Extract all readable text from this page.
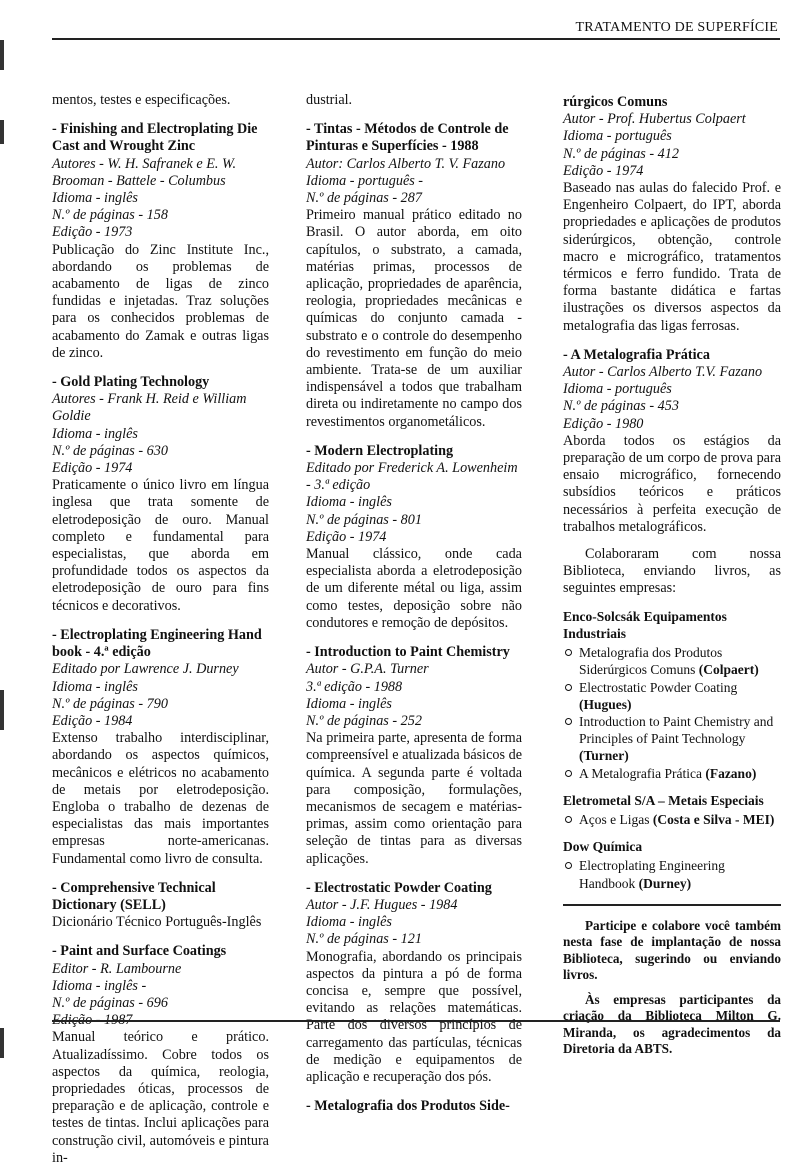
TRATAMENTO DE SUPERFÍCIE

mentos, testes e especificações.

- Finishing and Electroplating Die Cast and Wrought Zinc

Autores - W. H. Safranek e E. W. Brooman - Battele - Columbus

Idioma - inglês

N.º de páginas - 158

Edição - 1973

Publicação do Zinc Institute Inc., abordando os problemas de acabamento de ligas de zinco fundidas e injetadas. Traz soluções para os conhecidos problemas de acabamento do Zamak e outras ligas de zinco.

- Gold Plating Technology

Autores - Frank H. Reid e William Goldie

Idioma - inglês

N.º de páginas - 630

Edição - 1974

Praticamente o único livro em língua inglesa que trata somente de eletrodeposição de ouro. Manual completo e fundamental para especialistas, que aborda em profundidade todos os aspectos da eletrodeposição de ouro para fins técnicos e decorativos.

- Electroplating Engineering Hand book - 4.ª edição

Editado por Lawrence J. Durney

Idioma - inglês

N.º de páginas - 790

Edição - 1984

Extenso trabalho interdisciplinar, abordando os aspectos químicos, mecânicos e elétricos no acabamento de metais por eletrodeposição. Engloba o trabalho de dezenas de especialistas das mais importantes empresas norte-americanas. Fundamental como livro de consulta.

- Comprehensive Technical Dictionary (SELL)

Dicionário Técnico Português-Inglês

- Paint and Surface Coatings

Editor - R. Lambourne

Idioma - inglês -

N.º de páginas - 696

Edição - 1987

Manual teórico e prático. Atualizadíssimo. Cobre todos os aspectos da química, reologia, propriedades óticas, processos de preparação e de aplicação, controle e testes de tintas. Inclui aplicações para construção civil, automóveis e pintura in-

dustrial.

- Tintas - Métodos de Controle de Pinturas e Superfícies - 1988

Autor: Carlos Alberto T. V. Fazano

Idioma - português -

N.º de páginas - 287

Primeiro manual prático editado no Brasil. O autor aborda, em oito capítulos, o substrato, a camada, matérias primas, processos de aplicação, propriedades de aparência, reologia, propriedades mecânicas e químicas do conjunto camada - substrato e o controle do desempenho do revestimento em função do meio ambiente. Trata-se de um auxiliar indispensável a todos que trabalham direta ou indiretamente no campo dos revestimentos organometálicos.

- Modern Electroplating

Editado por Frederick A. Lowenheim - 3.ª edição

Idioma - inglês

N.º de páginas - 801

Edição - 1974

Manual clássico, onde cada especialista aborda a eletrodeposição de um diferente métal ou liga, assim como testes, deposição sobre não condutores e remoção de depósitos.

- Introduction to Paint Chemistry

Autor - G.P.A. Turner

3.ª edição - 1988

Idioma - inglês

N.º de páginas - 252

Na primeira parte, apresenta de forma compreensível e atualizada básicos de química. A segunda parte é voltada para composição, formulações, mecanismos de secagem e matérias-primas, assim como orientação para seleção de tintas para as diversas aplicações.

- Electrostatic Powder Coating

Autor - J.F. Hugues - 1984

Idioma - inglês

N.º de páginas - 121

Monografia, abordando os principais aspectos da pintura a pó de forma concisa e, sempre que possível, evitando as relações matemáticas. Parte dos diversos princípios de carregamento das partículas, técnicas de medição e equipamentos de aplicação e recuperação dos pós.

- Metalografia dos Produtos Side-

rúrgicos Comuns

Autor - Prof. Hubertus Colpaert

Idioma - português

N.º de páginas - 412

Edição - 1974

Baseado nas aulas do falecido Prof. e Engenheiro Colpaert, do IPT, aborda propriedades e aplicações de produtos siderúrgicos, obtenção, controle macro e micrográfico, tratamentos térmicos e ferro fundido. Trata de forma bastante didática e fartas ilustrações os diversos aspectos da metalografia das ligas ferrosas.

- A Metalografia Prática

Autor - Carlos Alberto T.V. Fazano

Idioma - português

N.º de páginas - 453

Edição - 1980

Aborda todos os estágios da preparação de um corpo de prova para ensaio micrográfico, fornecendo subsídios teóricos e práticos necessários à perfeita execução de trabalhos metalográficos.

Colaboraram com nossa Biblioteca, enviando livros, as seguintes empresas:

Enco-Solcsák Equipamentos Industriais

Metalografia dos Produtos Siderúrgicos Comuns (Colpaert)
Electrostatic Powder Coating (Hugues)
Introduction to Paint Chemistry and Principles of Paint Technology (Turner)
A Metalografia Prática (Fazano)

Eletrometal S/A – Metais Especiais

Aços e Ligas (Costa e Silva - MEI)

Dow Química

Electroplating Engineering Handbook (Durney)

Participe e colabore você também nesta fase de implantação de nossa Biblioteca, sugerindo ou enviando livros.

Às empresas participantes da criação da Biblioteca Milton G. Miranda, os agradecimentos da Diretoria da ABTS.
